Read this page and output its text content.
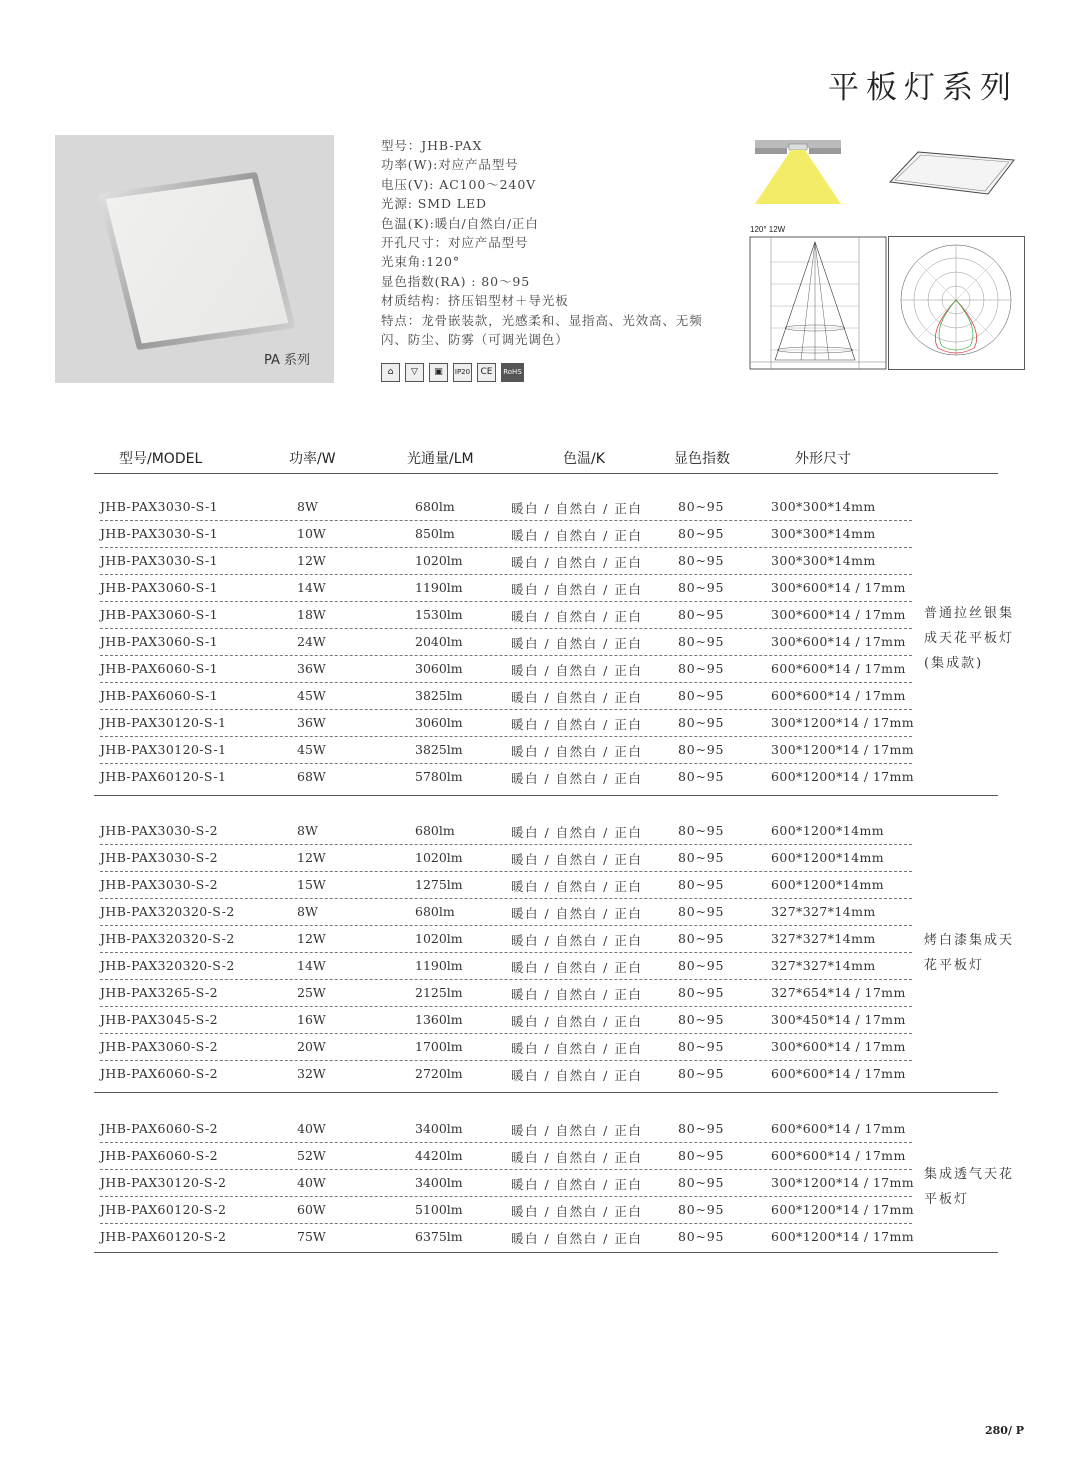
平板灯系列
PA 系列
型号：JHB-PAX
功率(W):对应产品型号
电压(V): AC100～240V
光源: SMD LED
色温(K):暖白/自然白/正白
开孔尺寸：对应产品型号
光束角:120°
显色指数(RA) : 80～95
材质结构：挤压铝型材＋导光板
特点：龙骨嵌装款，光感柔和、显指高、光效高、无频
闪、防尘、防雾（可调光调色）
⌂	▽	▣	IP20	CE	RoHS
120° 12W
型号/MODEL	功率/W	光通量/LM	色温/K	显色指数	外形尺寸
JHB-PAX3030-S-1	8W	680lm	暖白 / 自然白 / 正白	80~95	300*300*14mm
JHB-PAX3030-S-1	10W	850lm	暖白 / 自然白 / 正白	80~95	300*300*14mm
JHB-PAX3030-S-1	12W	1020lm	暖白 / 自然白 / 正白	80~95	300*300*14mm
JHB-PAX3060-S-1	14W	1190lm	暖白 / 自然白 / 正白	80~95	300*600*14 / 17mm
JHB-PAX3060-S-1	18W	1530lm	暖白 / 自然白 / 正白	80~95	300*600*14 / 17mm
JHB-PAX3060-S-1	24W	2040lm	暖白 / 自然白 / 正白	80~95	300*600*14 / 17mm
JHB-PAX6060-S-1	36W	3060lm	暖白 / 自然白 / 正白	80~95	600*600*14 / 17mm
JHB-PAX6060-S-1	45W	3825lm	暖白 / 自然白 / 正白	80~95	600*600*14 / 17mm
JHB-PAX30120-S-1	36W	3060lm	暖白 / 自然白 / 正白	80~95	300*1200*14 / 17mm
JHB-PAX30120-S-1	45W	3825lm	暖白 / 自然白 / 正白	80~95	300*1200*14 / 17mm
JHB-PAX60120-S-1	68W	5780lm	暖白 / 自然白 / 正白	80~95	600*1200*14 / 17mm
普通拉丝银集成天花平板灯(集成款)
JHB-PAX3030-S-2	8W	680lm	暖白 / 自然白 / 正白	80~95	600*1200*14mm
JHB-PAX3030-S-2	12W	1020lm	暖白 / 自然白 / 正白	80~95	600*1200*14mm
JHB-PAX3030-S-2	15W	1275lm	暖白 / 自然白 / 正白	80~95	600*1200*14mm
JHB-PAX320320-S-2	8W	680lm	暖白 / 自然白 / 正白	80~95	327*327*14mm
JHB-PAX320320-S-2	12W	1020lm	暖白 / 自然白 / 正白	80~95	327*327*14mm
JHB-PAX320320-S-2	14W	1190lm	暖白 / 自然白 / 正白	80~95	327*327*14mm
JHB-PAX3265-S-2	25W	2125lm	暖白 / 自然白 / 正白	80~95	327*654*14 / 17mm
JHB-PAX3045-S-2	16W	1360lm	暖白 / 自然白 / 正白	80~95	300*450*14 / 17mm
JHB-PAX3060-S-2	20W	1700lm	暖白 / 自然白 / 正白	80~95	300*600*14 / 17mm
JHB-PAX6060-S-2	32W	2720lm	暖白 / 自然白 / 正白	80~95	600*600*14 / 17mm
烤白漆集成天花平板灯
JHB-PAX6060-S-2	40W	3400lm	暖白 / 自然白 / 正白	80~95	600*600*14 / 17mm
JHB-PAX6060-S-2	52W	4420lm	暖白 / 自然白 / 正白	80~95	600*600*14 / 17mm
JHB-PAX30120-S-2	40W	3400lm	暖白 / 自然白 / 正白	80~95	300*1200*14 / 17mm
JHB-PAX60120-S-2	60W	5100lm	暖白 / 自然白 / 正白	80~95	600*1200*14 / 17mm
JHB-PAX60120-S-2	75W	6375lm	暖白 / 自然白 / 正白	80~95	600*1200*14 / 17mm
集成透气天花平板灯
280/ P
